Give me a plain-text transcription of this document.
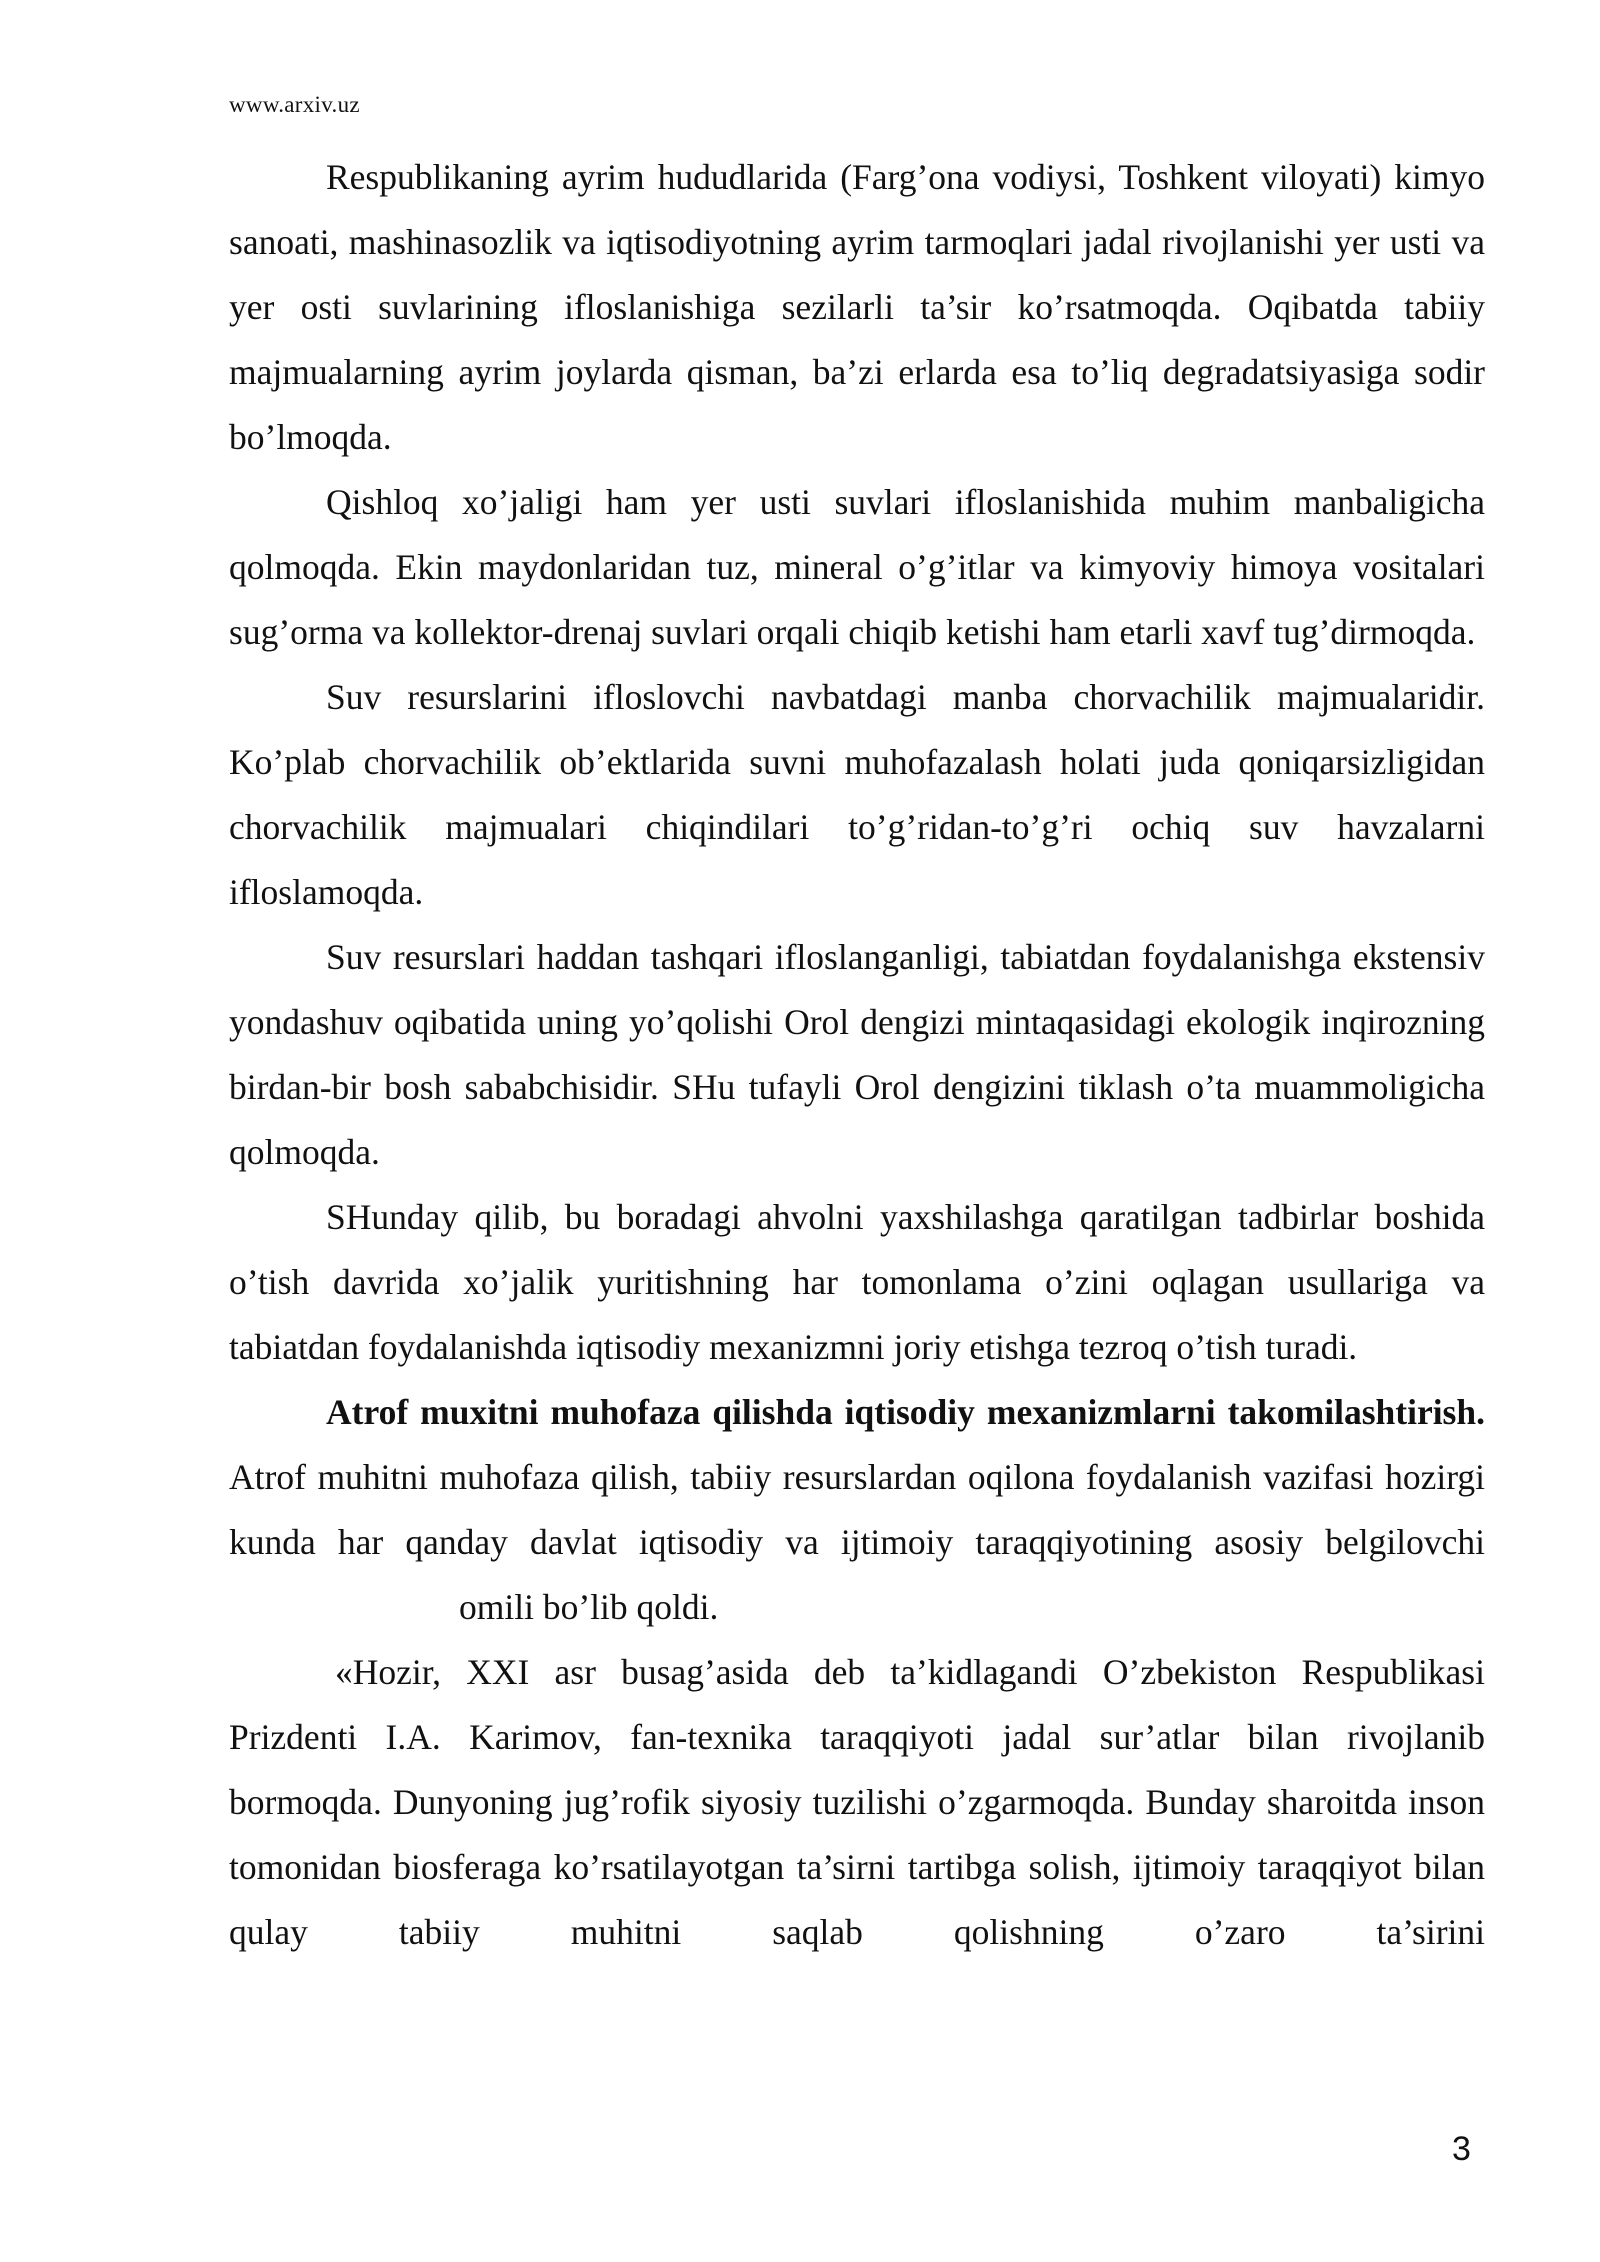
www.arxiv.uz

Respublikaning ayrim hududlarida (Farg’ona vodiysi, Toshkent viloyati) kimyo sanoati, mashinasozlik va iqtisodiyotning ayrim tarmoqlari jadal rivojlanishi yer usti va yer osti suvlarining ifloslanishiga sezilarli ta’sir ko’rsatmoqda. Oqibatda tabiiy majmualarning ayrim joylarda qisman, ba’zi erlarda esa to’liq degradatsiyasiga sodir bo’lmoqda.

Qishloq xo’jaligi ham yer usti suvlari ifloslanishida muhim manbaligicha qolmoqda. Ekin maydonlaridan tuz, mineral o’g’itlar va kimyoviy himoya vositalari sug’orma va kollektor-drenaj suvlari orqali chiqib ketishi ham etarli xavf tug’dirmoqda.

Suv resurslarini ifloslovchi navbatdagi manba chorvachilik majmualaridir. Ko’plab chorvachilik ob’ektlarida suvni muhofazalash holati juda qoniqarsizligidan chorvachilik majmualari chiqindilari to’g’ridan-to’g’ri ochiq suv havzalarni ifloslamoqda.

Suv resurslari haddan tashqari ifloslanganligi, tabiatdan foydalanishga ekstensiv yondashuv oqibatida uning yo’qolishi Orol dengizi mintaqasidagi ekologik inqirozning birdan-bir bosh sababchisidir. SHu tufayli Orol dengizini tiklash o’ta muammoligicha qolmoqda.

SHunday qilib, bu boradagi ahvolni yaxshilashga qaratilgan tadbirlar boshida o’tish davrida xo’jalik yuritishning har tomonlama o’zini oqlagan usullariga va tabiatdan foydalanishda iqtisodiy mexanizmni joriy etishga tezroq o’tish turadi.

Atrof muxitni muhofaza qilishda iqtisodiy mexanizmlarni takomilashtirish. Atrof muhitni muhofaza qilish, tabiiy resurslardan oqilona foydalanish vazifasi hozirgi kunda har qanday davlat iqtisodiy va ijtimoiy taraqqiyotining asosiy belgilovchiomili bo’lib qoldi.

«Hozir, XXI asr busag’asida deb ta’kidlagandi O’zbekiston Respublikasi Prizdenti I.A. Karimov, fan-texnika taraqqiyoti jadal sur’atlar bilan rivojlanib bormoqda. Dunyoning jug’rofik siyosiy tuzilishi o’zgarmoqda. Bunday sharoitda inson tomonidan biosferaga ko’rsatilayotgan ta’sirni tartibga solish, ijtimoiy taraqqiyot bilan qulay tabiiy muhitni saqlab qolishning o’zaro ta’sirini

3
